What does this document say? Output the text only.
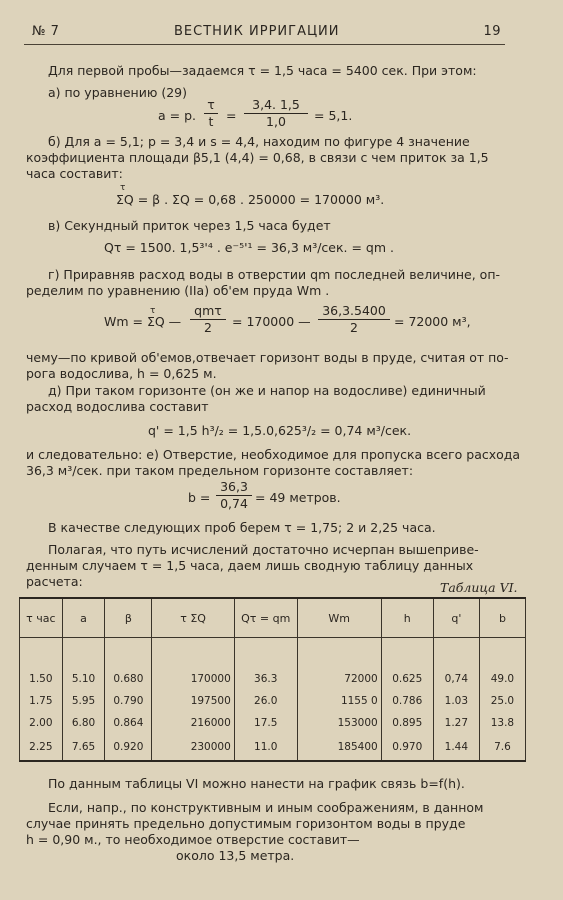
№ 7	ВЕСТНИК ИРРИГАЦИИ	19
Для первой пробы—задаемся τ = 1,5 часа = 5400 сек. При этом:
а) по уравнению (29)
а = р.
τ
t	=
3,4. 1,5
1,0	= 5,1.
б) Для а = 5,1; р = 3,4 и s = 4,4, находим по фигуре 4 значение
коэффициента площади β5,1 (4,4) = 0,68, в связи с чем приток за 1,5
часа составит:
τ
ΣQ = β . ΣQ = 0,68 . 250000 = 170000 м³.
в) Секундный приток через 1,5 часа будет
Qτ = 1500. 1,5³'⁴ . e⁻⁵'¹ = 36,3 м³/сек. = qm .
г) Приравняв расход воды в отверстии qm последней величине, оп-
ределим по уравнению (IIа) об'ем пруда Wm .
Wm = ΣQ —
τ	qmτ
2	= 170000 —
36,3.5400
2	= 72000 м³,
чему—по кривой об'емов,отвечает горизонт воды в пруде, считая от по-
рога водослива, h = 0,625 м.
д) При таком горизонте (он же и напор на водосливе) единичный
расход водослива составит
q' = 1,5 h³/₂ = 1,5.0,625³/₂ = 0,74 м³/сек.
и следовательно: е) Отверстие, необходимое для пропуска всего расхода
36,3 м³/сек. при таком предельном горизонте составляет:
b =
36,3
0,74 = 49 метров.
В качестве следующих проб берем τ = 1,75; 2 и 2,25 часа.
Полагая, что путь исчислений достаточно исчерпан вышеприве-
денным случаем τ = 1,5 часа, даем лишь сводную таблицу данных
расчета:	Таблица VI.
τ час	а	β	τ ΣQ	Qτ = qm	Wm	h	q'	b

1.50	5.10	0.680	170000	36.3	72000	0.625	0,74	49.0
1.75	5.95	0.790	197500	26.0	1155 0	0.786	1.03	25.0
2.00	6.80	0.864	216000	17.5	153000	0.895	1.27	13.8
2.25	7.65	0.920	230000	11.0	185400	0.970	1.44	7.6
По данным таблицы VI можно нанести на график связь b=f(h).
Если, напр., по конструктивным и иным соображениям, в данном
случае принять предельно допустимым горизонтом воды в пруде
h = 0,90 м., то необходимое отверстие составит—
около 13,5 метра.
